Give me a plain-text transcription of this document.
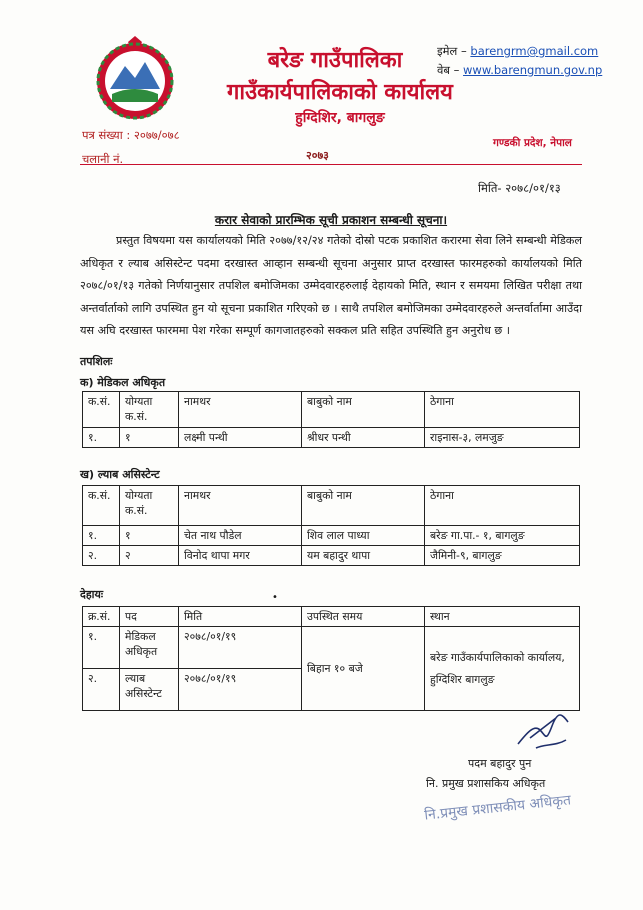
बरेङ गाउँपालिका
गाउँकार्यपालिकाको कार्यालय
हुग्दिशिर, बागलुङ
इमेल – barengrm@gmail.com
वेब – www.barengmun.gov.np
पत्र संख्या : २०७७/०७८
चलानी नं.
गण्डकी प्रदेश, नेपाल
२०७३
मिति- २०७८/०१/१३
करार सेवाको प्रारम्भिक सूची प्रकाशन सम्बन्धी सूचना।
प्रस्तुत विषयमा यस कार्यालयको मिति २०७७/१२/२४ गतेको दोस्रो पटक प्रकाशित करारमा सेवा लिने सम्बन्धी मेडिकल अधिकृत र ल्याब असिस्टेन्ट पदमा दरखास्त आव्हान सम्बन्धी सूचना अनुसार प्राप्त दरखास्त फारमहरुको कार्यालयको मिति २०७८/०१/१३ गतेको निर्णयानुसार तपशिल बमोजिमका उम्मेदवारहरुलाई देहायको मिति, स्थान र समयमा लिखित परीक्षा तथा अन्तर्वार्ताको लागि उपस्थित हुन यो सूचना प्रकाशित गरिएको छ । साथै तपशिल बमोजिमका उम्मेदवारहरुले अन्तर्वार्तामा आउँदा यस अघि दरखास्त फारममा पेश गरेका सम्पूर्ण कागजातहरुको सक्कल प्रति सहित उपस्थिति हुन अनुरोध छ ।
तपशिलः
क) मेडिकल अधिकृत
क.सं.	योग्यता क.सं.	नामथर	बाबुको नाम	ठेगाना
१.	१	लक्ष्मी पन्थी	श्रीधर पन्थी	राइनास-३, लमजुङ
ख) ल्याब असिस्टेन्ट
क.सं.	योग्यता क.सं.	नामथर	बाबुको नाम	ठेगाना
१.	१	चेत नाथ पौडेल	शिव लाल पाध्या	बरेङ गा.पा.- १, बागलुङ
२.	२	विनोद थापा मगर	यम बहादुर थापा	जैमिनी-९, बागलुङ
•
देहायः
क्र.सं.	पद	मिति	उपस्थित समय	स्थान
१.	मेडिकल अधिकृत	२०७८/०१/१९	बिहान १० बजे	बरेङ गाउँकार्यपालिकाको कार्यालय, हुग्दिशिर बागलुङ
२.	ल्याब असिस्टेन्ट	२०७८/०१/१९		
पदम बहादुर पुन
नि. प्रमुख प्रशासकिय अधिकृत
नि.प्रमुख प्रशासकीय अधिकृत
